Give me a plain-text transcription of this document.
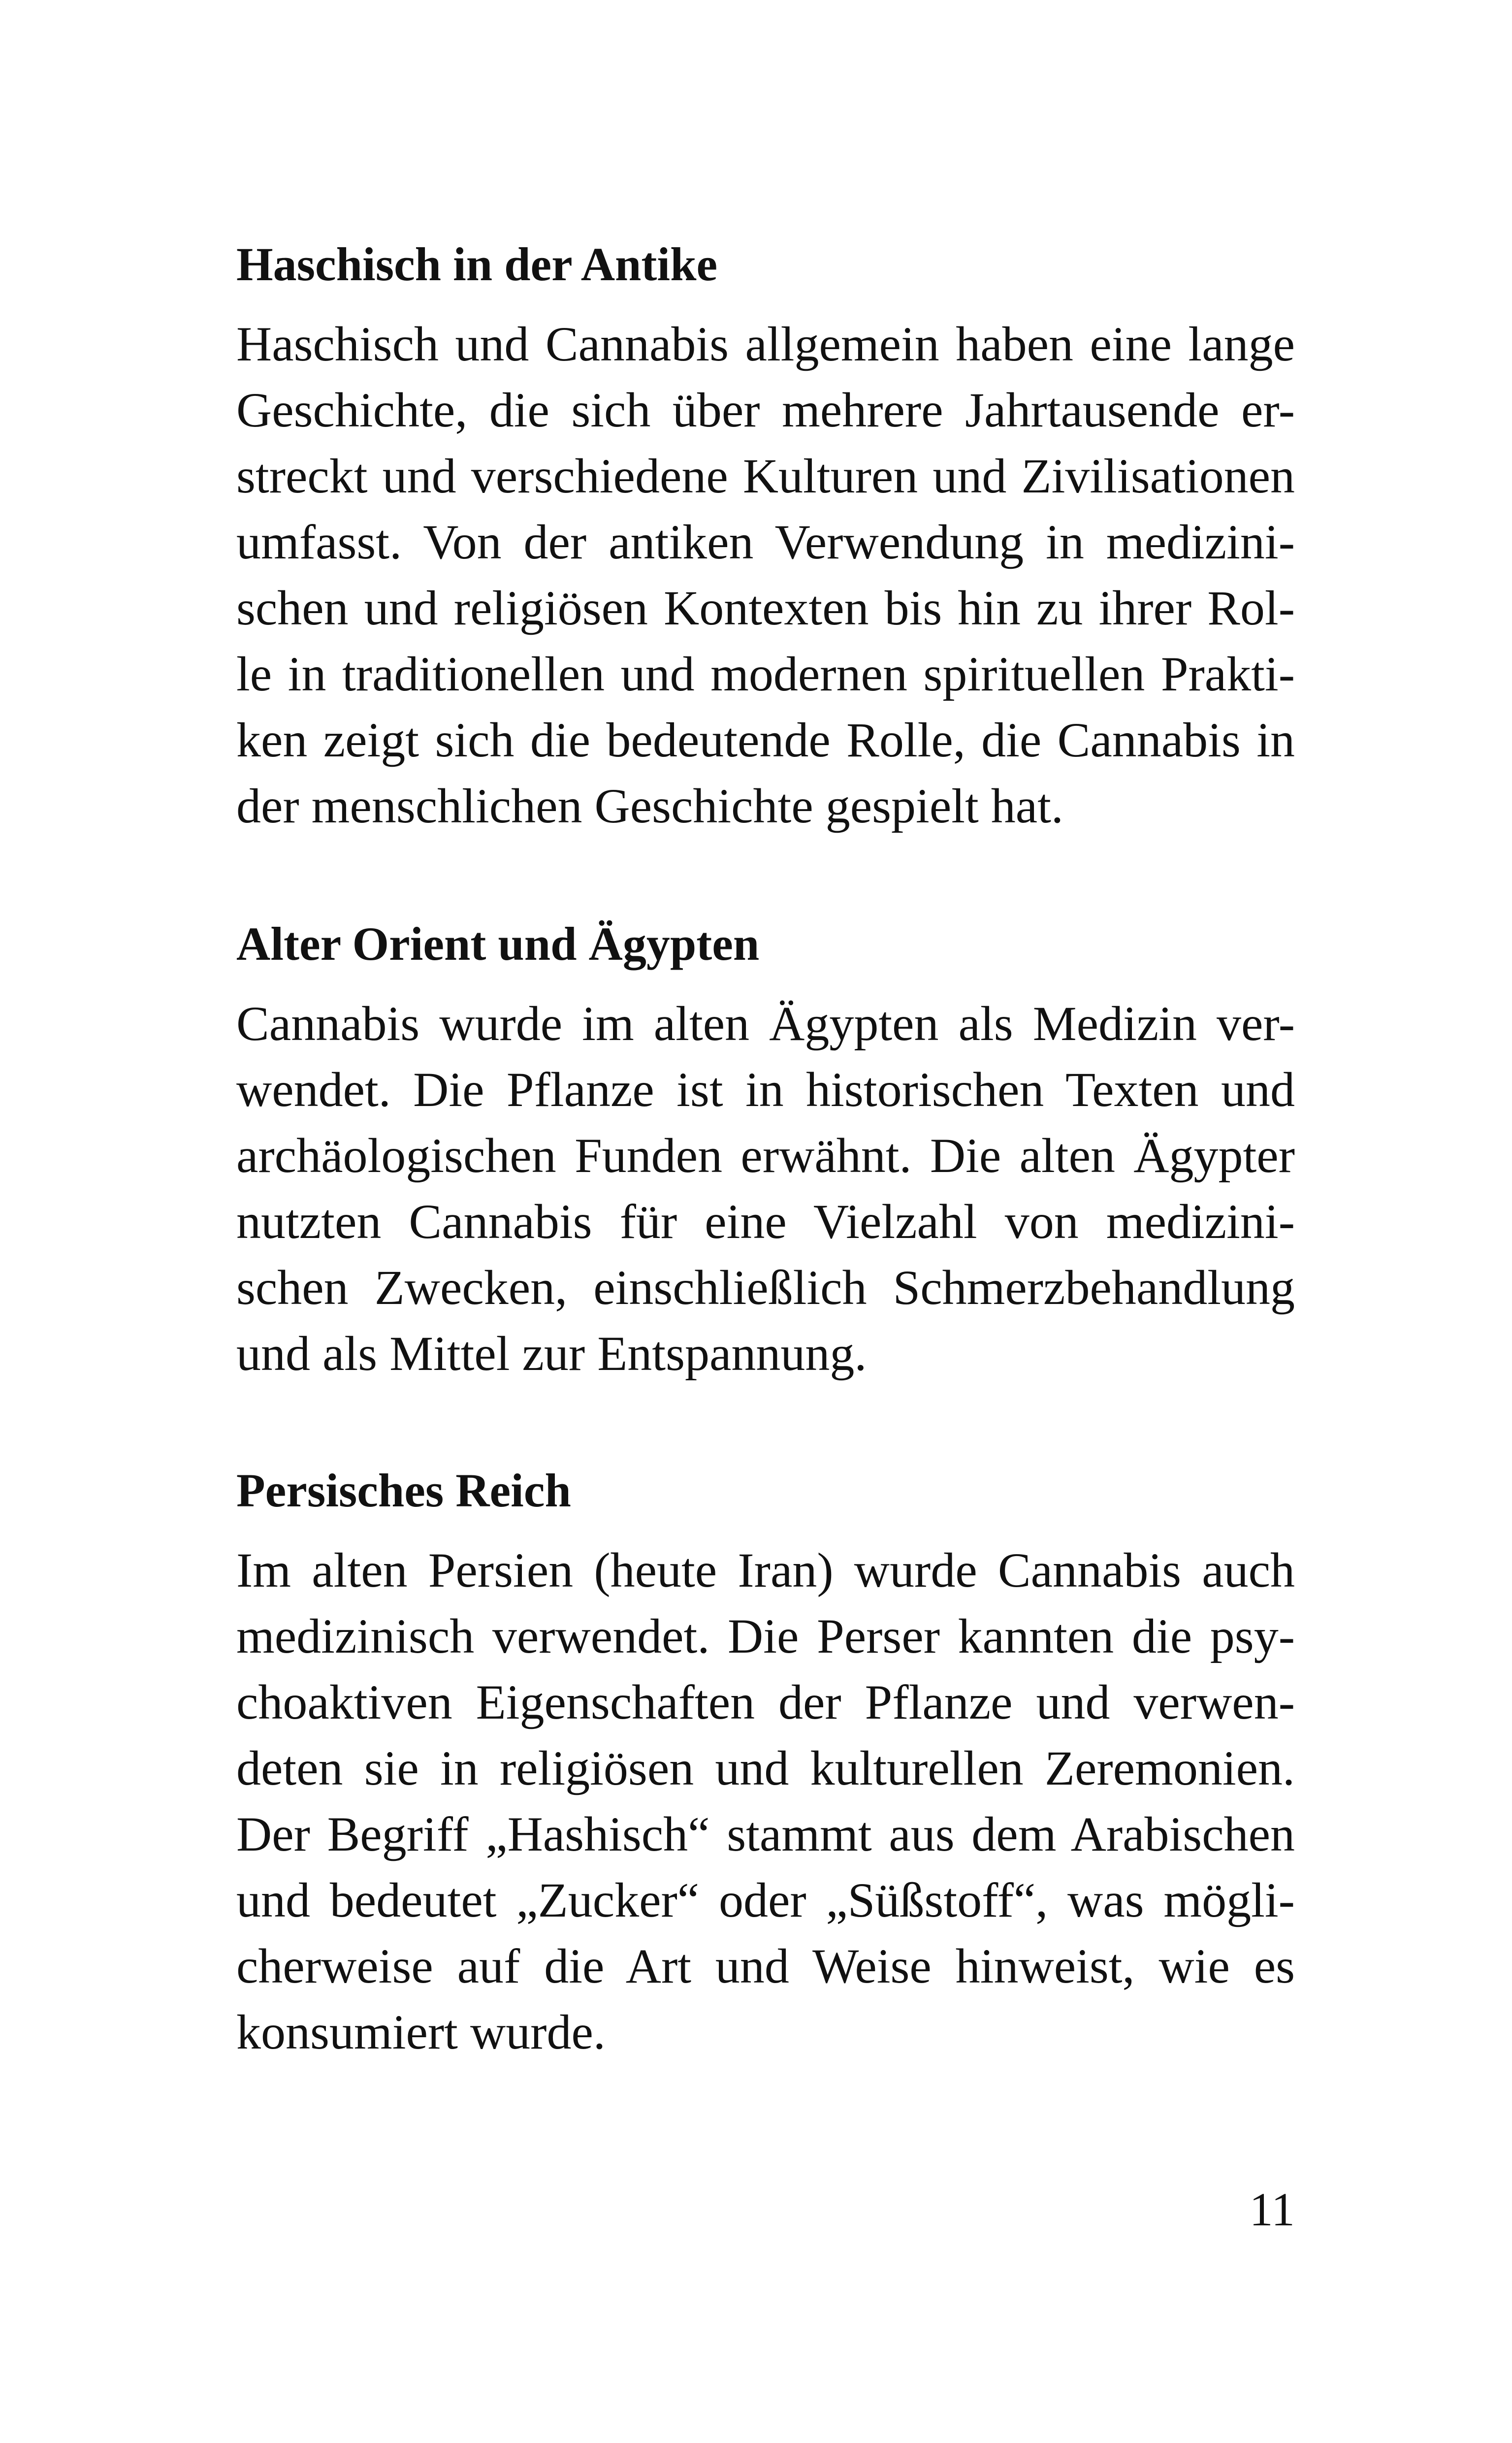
Haschisch in der Antike
Haschisch und Cannabis allgemein haben eine lange
Geschichte, die sich über mehrere Jahrtausende er-
streckt und verschiedene Kulturen und Zivilisationen
umfasst. Von der antiken Verwendung in medizini-
schen und religiösen Kontexten bis hin zu ihrer Rol-
le in traditionellen und modernen spirituellen Prakti-
ken zeigt sich die bedeutende Rolle, die Cannabis in
der menschlichen Geschichte gespielt hat.
Alter Orient und Ägypten
Cannabis wurde im alten Ägypten als Medizin ver-
wendet. Die Pflanze ist in historischen Texten und
archäologischen Funden erwähnt. Die alten Ägypter
nutzten Cannabis für eine Vielzahl von medizini-
schen Zwecken, einschließlich Schmerzbehandlung
und als Mittel zur Entspannung.
Persisches Reich
Im alten Persien (heute Iran) wurde Cannabis auch
medizinisch verwendet. Die Perser kannten die psy-
choaktiven Eigenschaften der Pflanze und verwen-
deten sie in religiösen und kulturellen Zeremonien.
Der Begriff „Hashisch“ stammt aus dem Arabischen
und bedeutet „Zucker“ oder „Süßstoff“, was mögli-
cherweise auf die Art und Weise hinweist, wie es
konsumiert wurde.
11
